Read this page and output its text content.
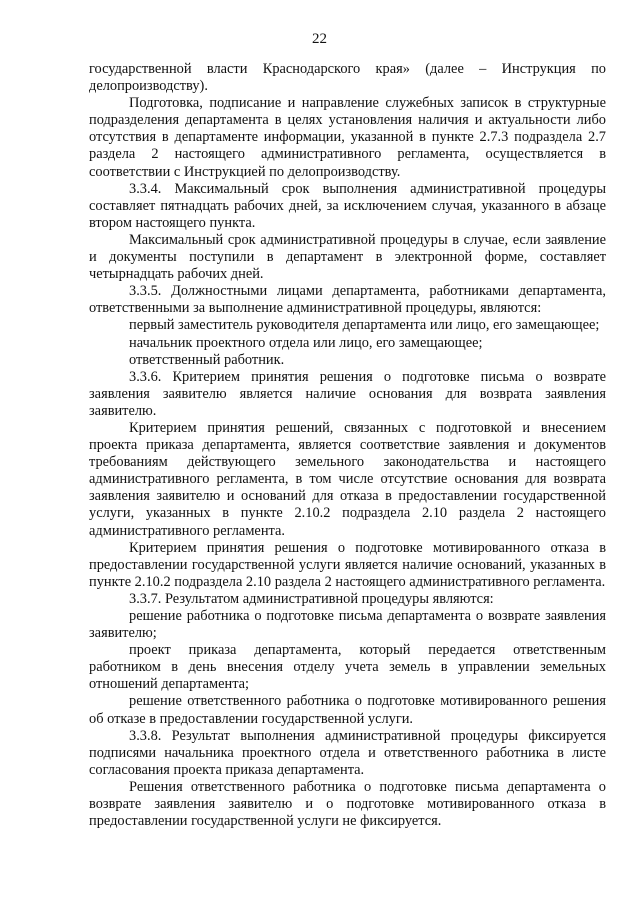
22

государственной власти Краснодарского края» (далее – Инструкция по делопроизводству).

Подготовка, подписание и направление служебных записок в структурные подразделения департамента в целях установления наличия и актуальности либо отсутствия в департаменте информации, указанной в пункте 2.7.3 подраздела 2.7 раздела 2 настоящего административного регламента, осуществляется в соответствии с Инструкцией по делопроизводству.

3.3.4. Максимальный срок выполнения административной процедуры составляет пятнадцать рабочих дней, за исключением случая, указанного в абзаце втором настоящего пункта.

Максимальный срок административной процедуры в случае, если заявление и документы поступили в департамент в электронной форме, составляет четырнадцать рабочих дней.

3.3.5. Должностными лицами департамента, работниками департамента, ответственными за выполнение административной процедуры, являются:

первый заместитель руководителя департамента или лицо, его замещающее;

начальник проектного отдела или лицо, его замещающее;

ответственный работник.

3.3.6. Критерием принятия решения о подготовке письма о возврате заявления заявителю является наличие основания для возврата заявления заявителю.

Критерием принятия решений, связанных с подготовкой и внесением проекта приказа департамента, является соответствие заявления и документов требованиям действующего земельного законодательства и настоящего административного регламента, в том числе отсутствие основания для возврата заявления заявителю и оснований для отказа в предоставлении государственной услуги, указанных в пункте 2.10.2 подраздела 2.10 раздела 2 настоящего административного регламента.

Критерием принятия решения о подготовке мотивированного отказа в предоставлении государственной услуги является наличие оснований, указанных в пункте 2.10.2 подраздела 2.10 раздела 2 настоящего административного регламента.

3.3.7. Результатом административной процедуры являются:

решение работника о подготовке письма департамента о возврате заявления заявителю;

проект приказа департамента, который передается ответственным работником в день внесения отделу учета земель в управлении земельных отношений департамента;

решение ответственного работника о подготовке мотивированного решения об отказе в предоставлении государственной услуги.

3.3.8. Результат выполнения административной процедуры фиксируется подписями начальника проектного отдела и ответственного работника в листе согласования проекта приказа департамента.

Решения ответственного работника о подготовке письма департамента о возврате заявления заявителю и о подготовке мотивированного отказа в предоставлении государственной услуги не фиксируется.
